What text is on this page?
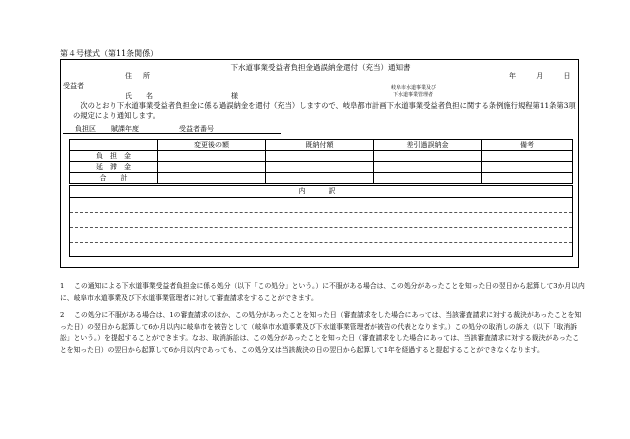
第４号様式（第11条関係）
下水道事業受益者負担金過誤納金還付（充当）通知書
住　所	年 月 日
受益者
氏　　名	様
岐阜市水道事業及び
下水道事業管理者
　次のとおり下水道事業受益者負担金に係る過誤納金を還付（充当）しますので、岐阜都市計画下水道事業受益者負担に関する条例施行規程第11条第3項の規定により通知します。
負担区 賦課年度	受益者番号
	変更後の額	既納付額	差引過誤納金	備考
負　担　金				
延　滞　金				
合　　計				
内　訳
1 この通知による下水道事業受益者負担金に係る処分（以下「この処分」という。）に不服がある場合は、この処分があったことを知った日の翌日から起算して3か月以内に、岐阜市水道事業及び下水道事業管理者に対して審査請求をすることができます。
2 この処分に不服がある場合は、1の審査請求のほか、この処分があったことを知った日（審査請求をした場合にあっては、当該審査請求に対する裁決があったことを知った日）の翌日から起算して6か月以内に岐阜市を被告として（岐阜市水道事業及び下水道事業管理者が被告の代表となります。）この処分の取消しの訴え（以下「取消訴訟」という。）を提起することができます。なお、取消訴訟は、この処分があったことを知った日（審査請求をした場合にあっては、当該審査請求に対する裁決があったことを知った日）の翌日から起算して6か月以内であっても、この処分又は当該裁決の日の翌日から起算して1年を経過すると提起することができなくなります。
